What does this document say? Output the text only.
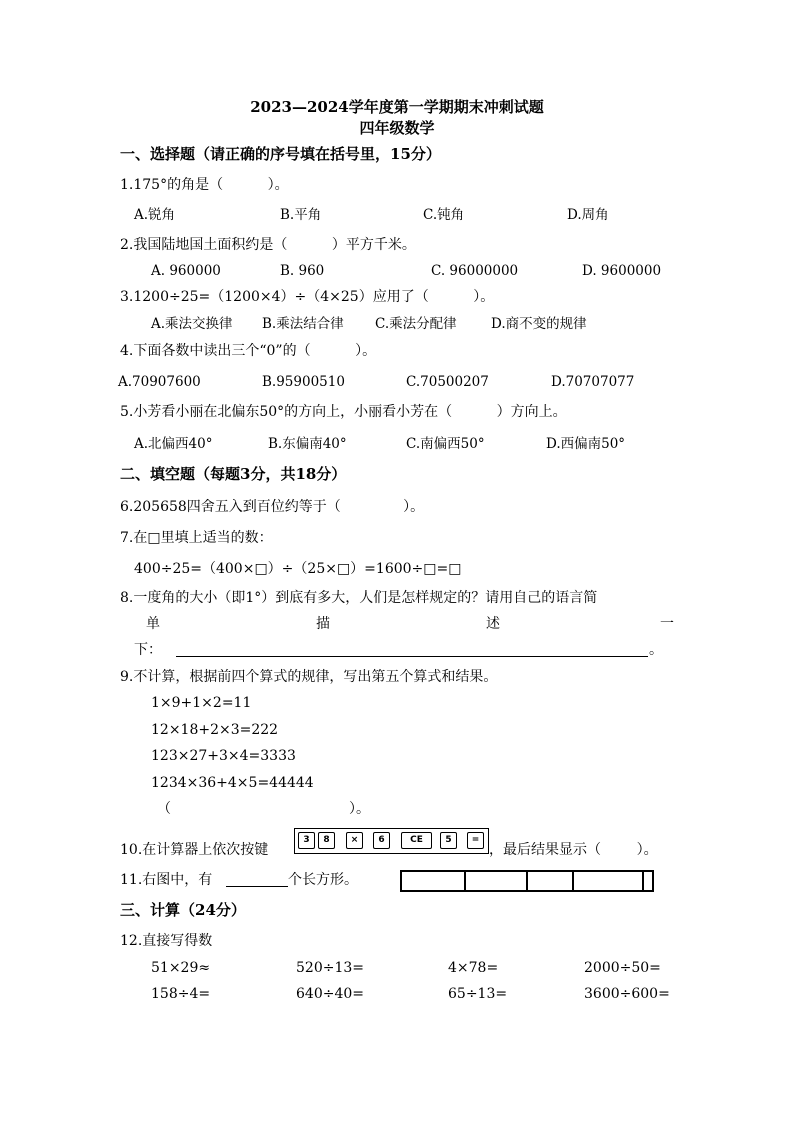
2023—2024学年度第一学期期末冲刺试题
四年级数学
一、选择题（请正确的序号填在括号里，15分）
1.175°的角是（          ）。
A.锐角	B.平角	C.钝角	D.周角
2.我国陆地国土面积约是（          ）平方千米。
A. 960000	B. 960	C. 96000000	D. 9600000
3.1200÷25=（1200×4）÷（4×25）应用了（          ）。
A.乘法交换律 B.乘法结合律 C.乘法分配律	D.商不变的规律
4.下面各数中读出三个“0”的（          ）。
A.70907600	B.95900510	C.70500207	D.70707077
5.小芳看小丽在北偏东50°的方向上，小丽看小芳在（          ）方向上。
A.北偏西40°	B.东偏南40°	C.南偏西50°	D.西偏南50°
二、填空题（每题3分，共18分）
6.205658四舍五入到百位约等于（              ）。
7.在□里填上适当的数：
400÷25=（400×□）÷（25×□）=1600÷□=□
8.一度角的大小（即1°）到底有多大，人们是怎样规定的？请用自己的语言简
单	描	述	一
下：	。
9.不计算，根据前四个算式的规律，写出第五个算式和结果。
1×9+1×2=11
12×18+2×3=222
123×27+3×4=3333
1234×36+4×5=44444
（                                        ）。
10.在计算器上依次按键
3	8	×	6	CE	5	=
，最后结果显示（        ）。
11.右图中，有	个长方形。
三、计算（24分）
12.直接写得数
51×29≈	520÷13=	4×78=	2000÷50=
158÷4=	640÷40=	65÷13=	3600÷600=
